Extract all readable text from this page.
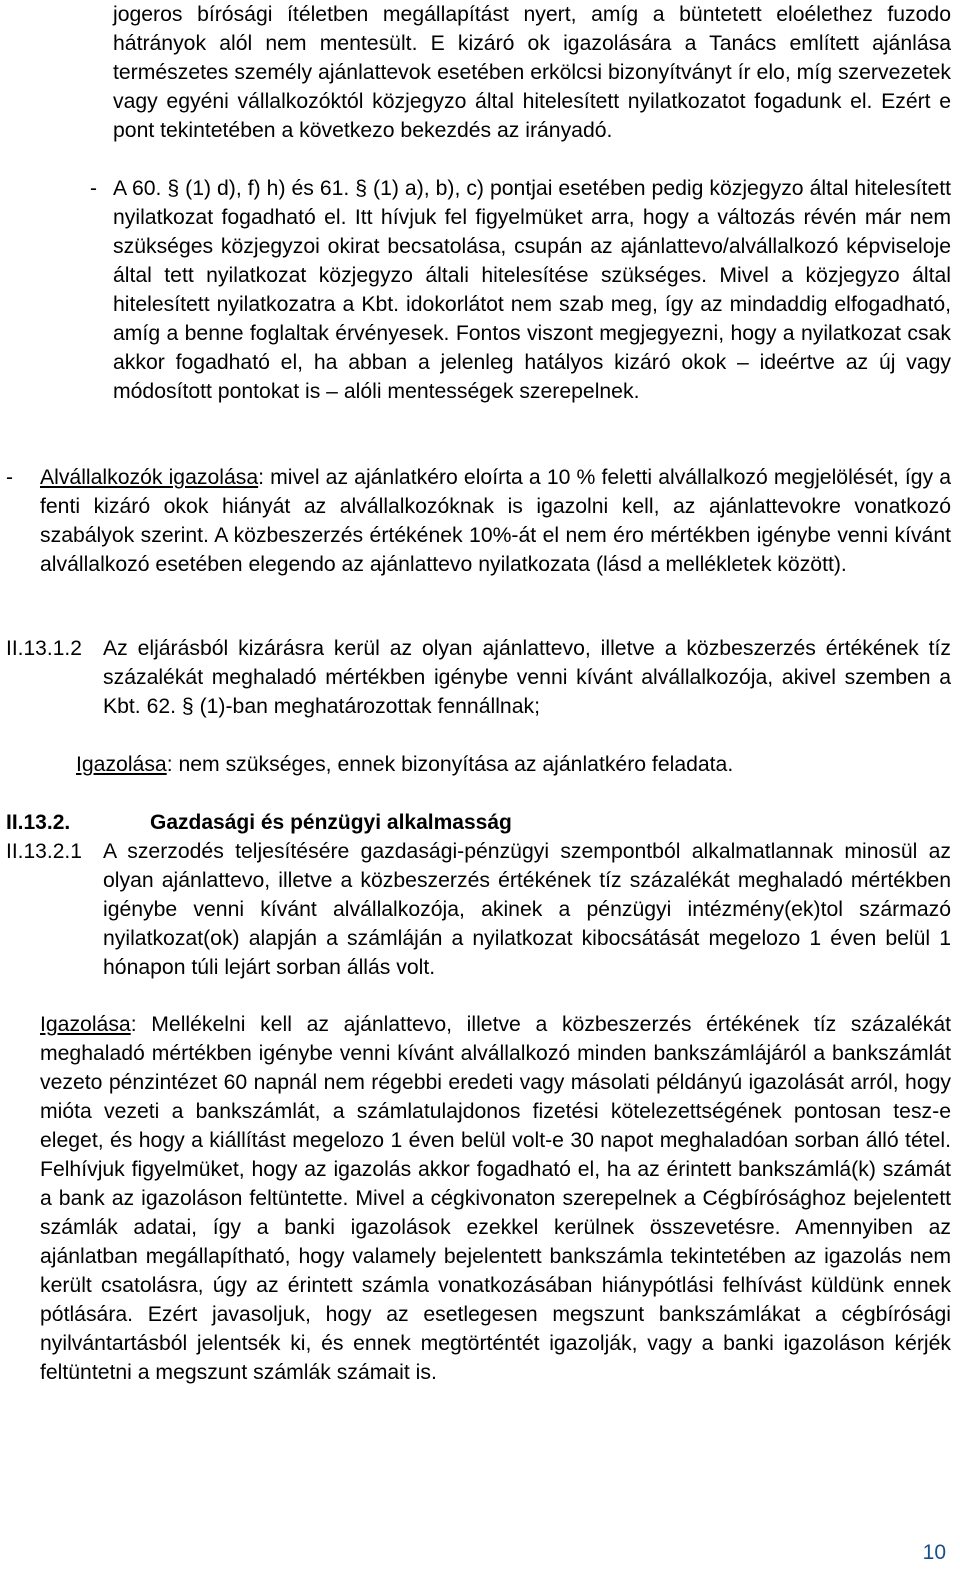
jogeros bírósági ítéletben megállapítást nyert, amíg a büntetett eloélethez fuzodo hátrányok alól nem mentesült. E kizáró ok igazolására a Tanács említett ajánlása természetes személy ajánlattevok esetében erkölcsi bizonyítványt ír elo, míg szervezetek vagy egyéni vállalkozóktól közjegyzo által hitelesített nyilatkozatot fogadunk el. Ezért e pont tekintetében a következo bekezdés az irányadó.
- A 60. § (1) d), f) h) és 61. § (1) a), b), c) pontjai esetében pedig közjegyzo által hitelesített nyilatkozat fogadható el. Itt hívjuk fel figyelmüket arra, hogy a változás révén már nem szükséges közjegyzoi okirat becsatolása, csupán az ajánlattevo/alvállalkozó képviseloje által tett nyilatkozat közjegyzo általi hitelesítése szükséges. Mivel a közjegyzo által hitelesített nyilatkozatra a Kbt. idokorlátot nem szab meg, így az mindaddig elfogadható, amíg a benne foglaltak érvényesek. Fontos viszont megjegyezni, hogy a nyilatkozat csak akkor fogadható el, ha abban a jelenleg hatályos kizáró okok – ideértve az új vagy módosított pontokat is – alóli mentességek szerepelnek.
- Alvállalkozók igazolása: mivel az ajánlatkéro eloírta a 10 % feletti alvállalkozó megjelölését, így a fenti kizáró okok hiányát az alvállalkozóknak is igazolni kell, az ajánlattevokre vonatkozó szabályok szerint. A közbeszerzés értékének 10%-át el nem éro mértékben igénybe venni kívánt alvállalkozó esetében elegendo az ajánlattevo nyilatkozata (lásd a mellékletek között).
II.13.1.2 Az eljárásból kizárásra kerül az olyan ajánlattevo, illetve a közbeszerzés értékének tíz százalékát meghaladó mértékben igénybe venni kívánt alvállalkozója, akivel szemben a Kbt. 62. § (1)-ban meghatározottak fennállnak;
Igazolása: nem szükséges, ennek bizonyítása az ajánlatkéro feladata.
II.13.2.	Gazdasági és pénzügyi alkalmasság
II.13.2.1 A szerzodés teljesítésére gazdasági-pénzügyi szempontból alkalmatlannak minosül az olyan ajánlattevo, illetve a közbeszerzés értékének tíz százalékát meghaladó mértékben igénybe venni kívánt alvállalkozója, akinek a pénzügyi intézmény(ek)tol származó nyilatkozat(ok) alapján a számláján a nyilatkozat kibocsátását megelozo 1 éven belül 1 hónapon túli lejárt sorban állás volt.
Igazolása: Mellékelni kell az ajánlattevo, illetve a közbeszerzés értékének tíz százalékát meghaladó mértékben igénybe venni kívánt alvállalkozó minden bankszámlájáról a bankszámlát vezeto pénzintézet 60 napnál nem régebbi eredeti vagy másolati példányú igazolását arról, hogy mióta vezeti a bankszámlát, a számlatulajdonos fizetési kötelezettségének pontosan tesz-e eleget, és hogy a kiállítást megelozo 1 éven belül volt-e 30 napot meghaladóan sorban álló tétel. Felhívjuk figyelmüket, hogy az igazolás akkor fogadható el, ha az érintett bankszámlá(k) számát a bank az igazoláson feltüntette. Mivel a cégkivonaton szerepelnek a Cégbírósághoz bejelentett számlák adatai, így a banki igazolások ezekkel kerülnek összevetésre. Amennyiben az ajánlatban megállapítható, hogy valamely bejelentett bankszámla tekintetében az igazolás nem került csatolásra, úgy az érintett számla vonatkozásában hiánypótlási felhívást küldünk ennek pótlására. Ezért javasoljuk, hogy az esetlegesen megszunt bankszámlákat a cégbírósági nyilvántartásból jelentsék ki, és ennek megtörténtét igazolják, vagy a banki igazoláson kérjék feltüntetni a megszunt számlák számait is.
10
